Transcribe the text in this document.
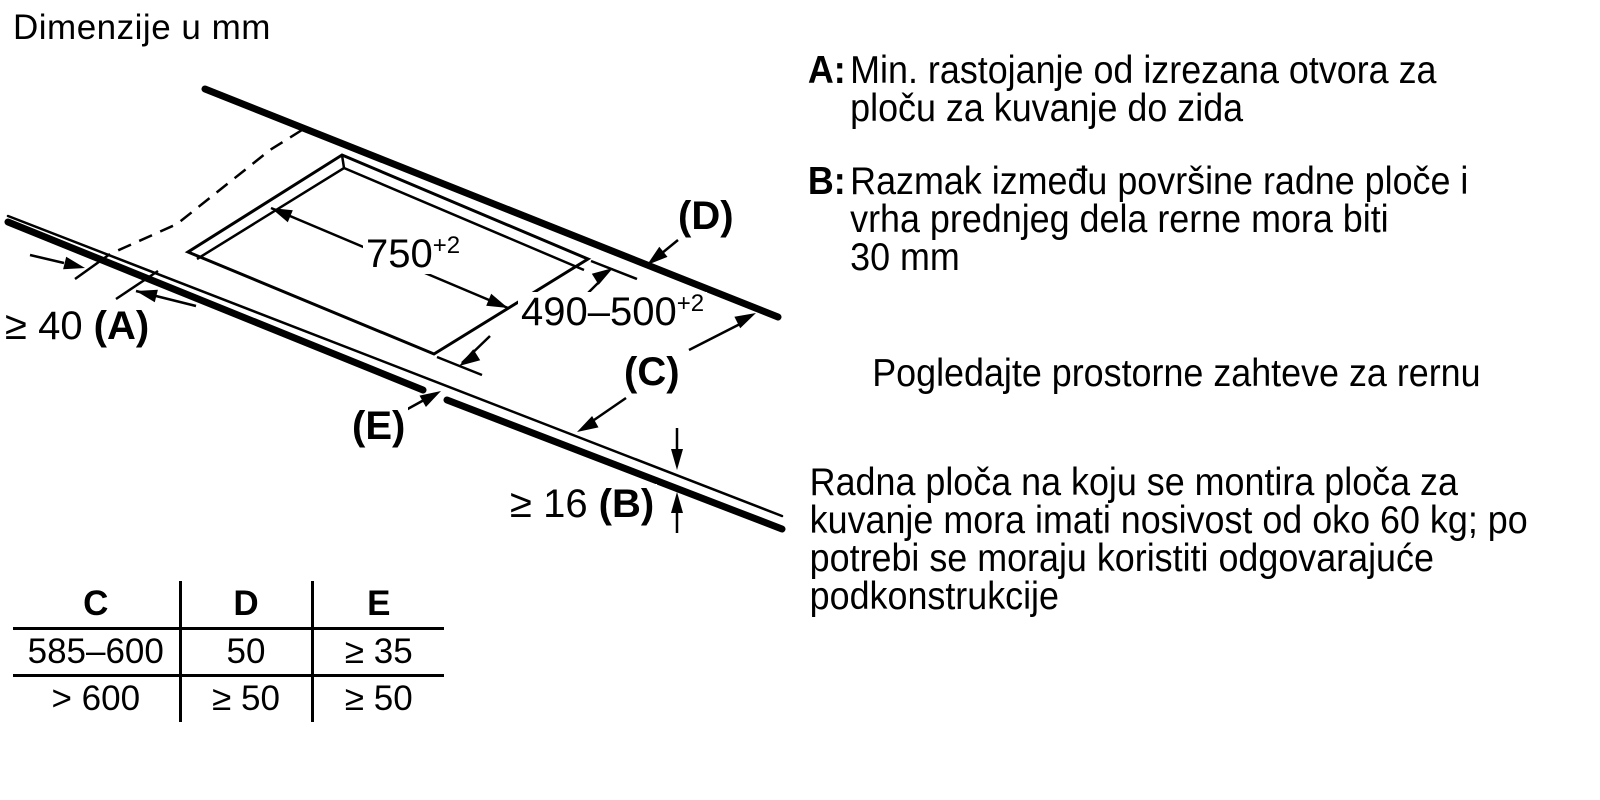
Dimenzije u mm
$750^{+2}$
$490-500^{+2}$
(D)
(C)
(E)
≥ 40 (A)
≥ 16 (B)
C	D	E
585–600	50	≥ 35
> 600	≥ 50	≥ 50
A: Min. rastojanje od izrezana otvora za
ploču za kuvanje do zida
B: Razmak između površine radne ploče i
vrha prednjeg dela rerne mora biti
30 mm
Pogledajte prostorne zahteve za rernu
Radna ploča na koju se montira ploča za
kuvanje mora imati nosivost od oko 60 kg; po
potrebi se moraju koristiti odgovarajuće
podkonstrukcije
